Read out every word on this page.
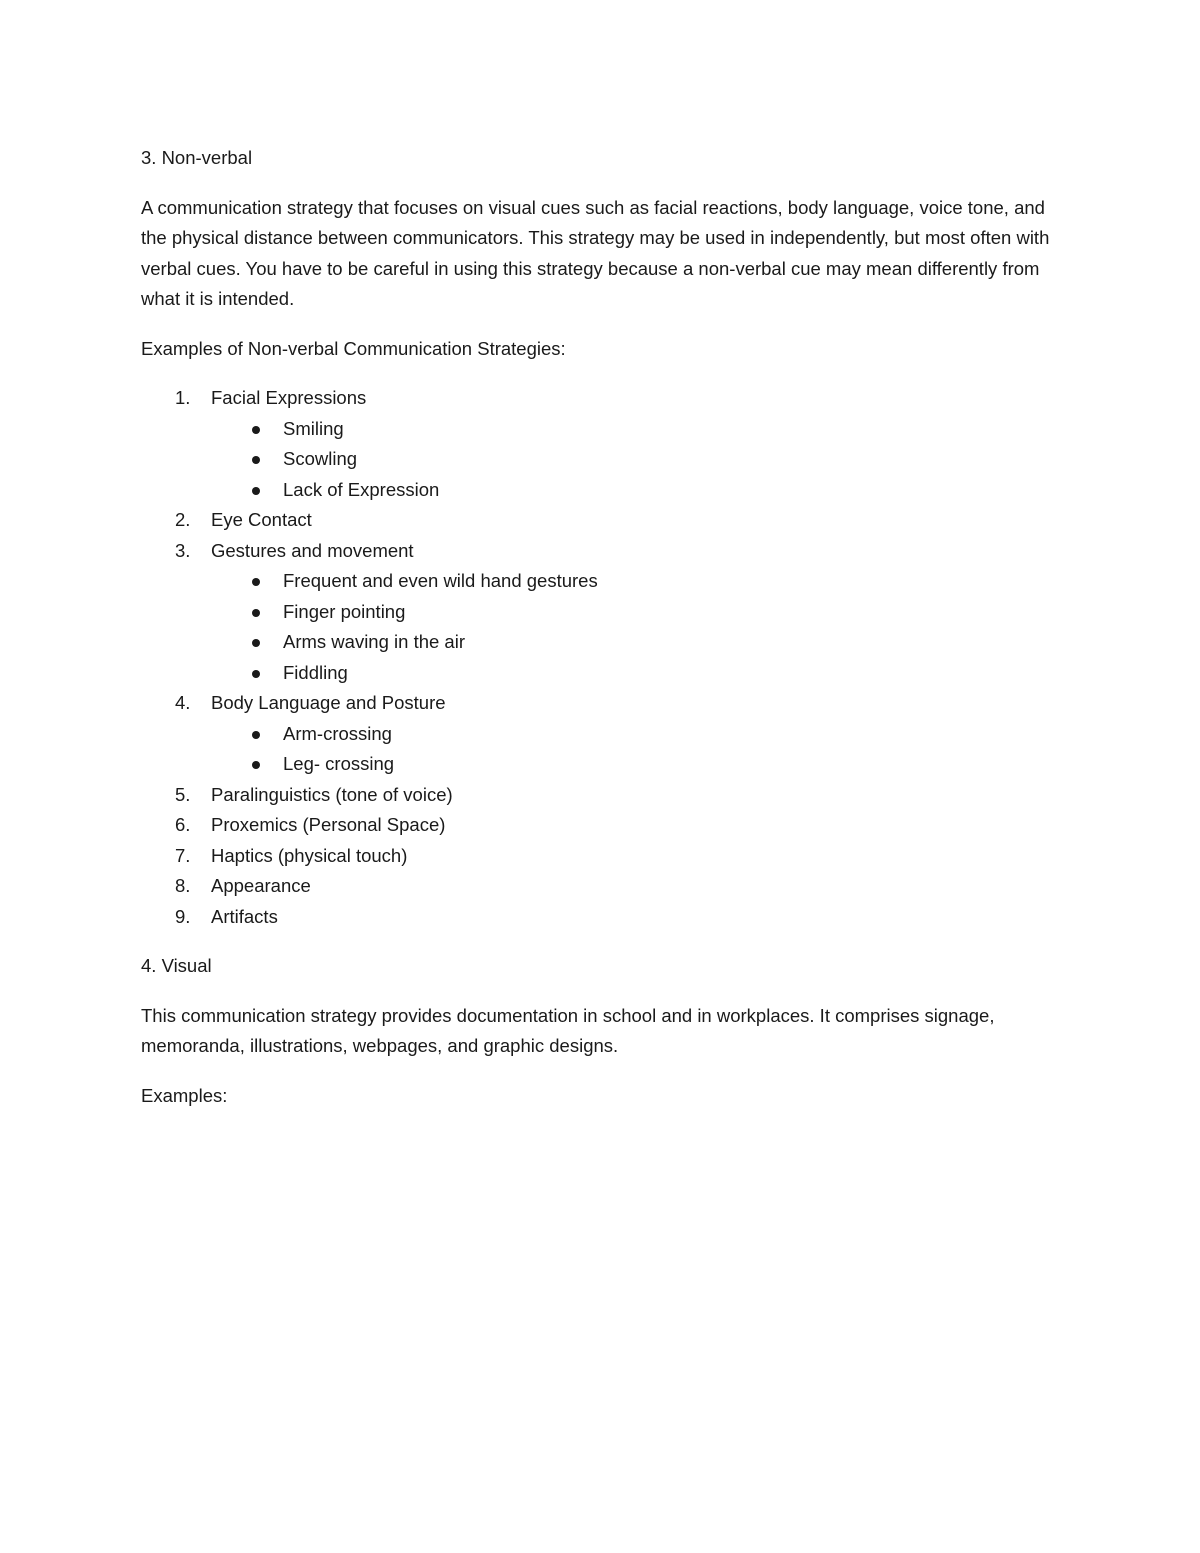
3. Non-verbal

A communication strategy that focuses on visual cues such as facial reactions, body language, voice tone, and the physical distance between communicators. This strategy may be used in independently, but most often with verbal cues. You have to be careful in using this strategy because a non-verbal cue may mean differently from what it is intended.

Examples of Non-verbal Communication Strategies:

1. Facial Expressions
Smiling
Scowling
Lack of Expression
2. Eye Contact
3. Gestures and movement
Frequent and even wild hand gestures
Finger pointing
Arms waving in the air
Fiddling
4. Body Language and Posture
Arm-crossing
Leg- crossing
5. Paralinguistics (tone of voice)
6. Proxemics (Personal Space)
7. Haptics (physical touch)
8. Appearance
9. Artifacts

4. Visual

This communication strategy provides documentation in school and in workplaces. It comprises signage, memoranda, illustrations, webpages, and graphic designs.

Examples:
